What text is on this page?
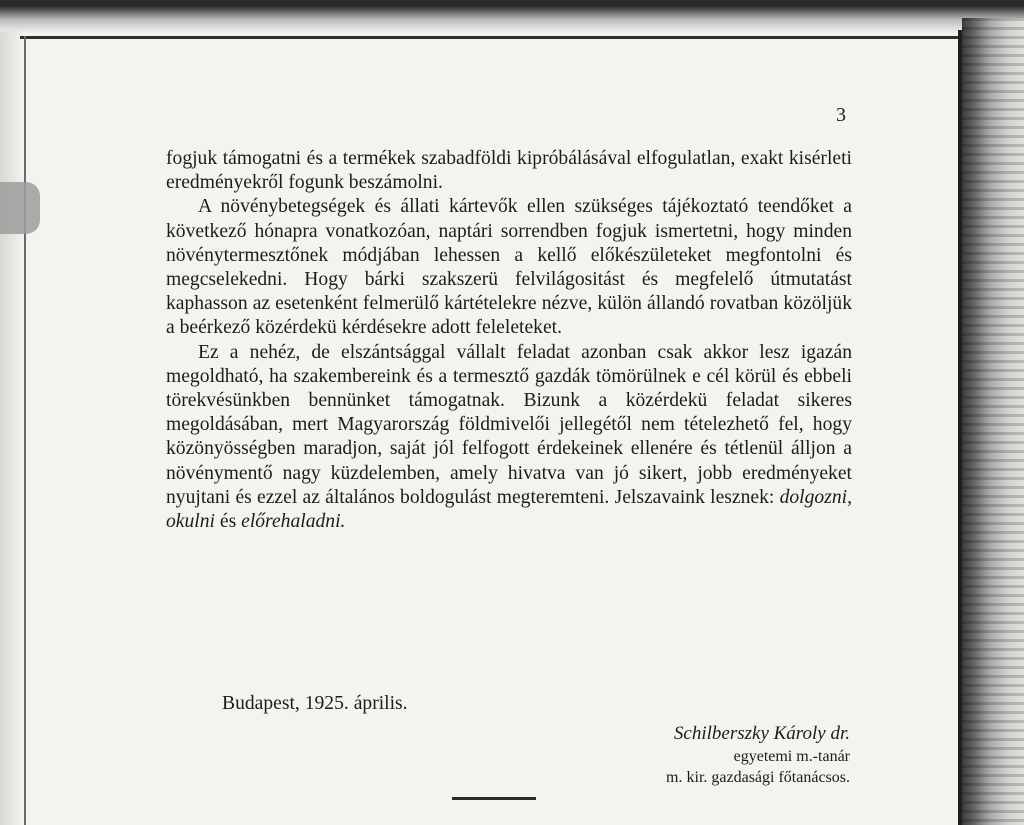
3

fogjuk támogatni és a termékek szabadföldi kipróbálásával elfogulatlan, exakt kisérleti eredményekről fogunk beszámolni.

A növénybetegségek és állati kártevők ellen szükséges tájékoztató teendőket a következő hónapra vonatkozóan, naptári sorrendben fogjuk ismertetni, hogy minden növénytermesztőnek módjában lehessen a kellő előkészületeket megfontolni és megcselekedni. Hogy bárki szakszerü felvilágositást és megfelelő útmutatást kaphasson az esetenként felmerülő kártételekre nézve, külön állandó rovatban közöljük a beérkező közérdekü kérdésekre adott feleleteket.

Ez a nehéz, de elszántsággal vállalt feladat azonban csak akkor lesz igazán megoldható, ha szakembereink és a termesztő gazdák tömörülnek e cél körül és ebbeli törekvésünkben bennünket támogatnak. Bizunk a közérdekü feladat sikeres megoldásában, mert Magyarország földmivelői jellegétől nem tételezhető fel, hogy közönyösségben maradjon, saját jól felfogott érdekeinek ellenére és tétlenül álljon a növénymentő nagy küzdelemben, amely hivatva van jó sikert, jobb eredményeket nyujtani és ezzel az általános boldogulást megteremteni. Jelszavaink lesznek: dolgozni, okulni és előrehaladni.

Budapest, 1925. április.
Schilberszky Károly dr.
egyetemi m.-tanár
m. kir. gazdasági főtanácsos.
